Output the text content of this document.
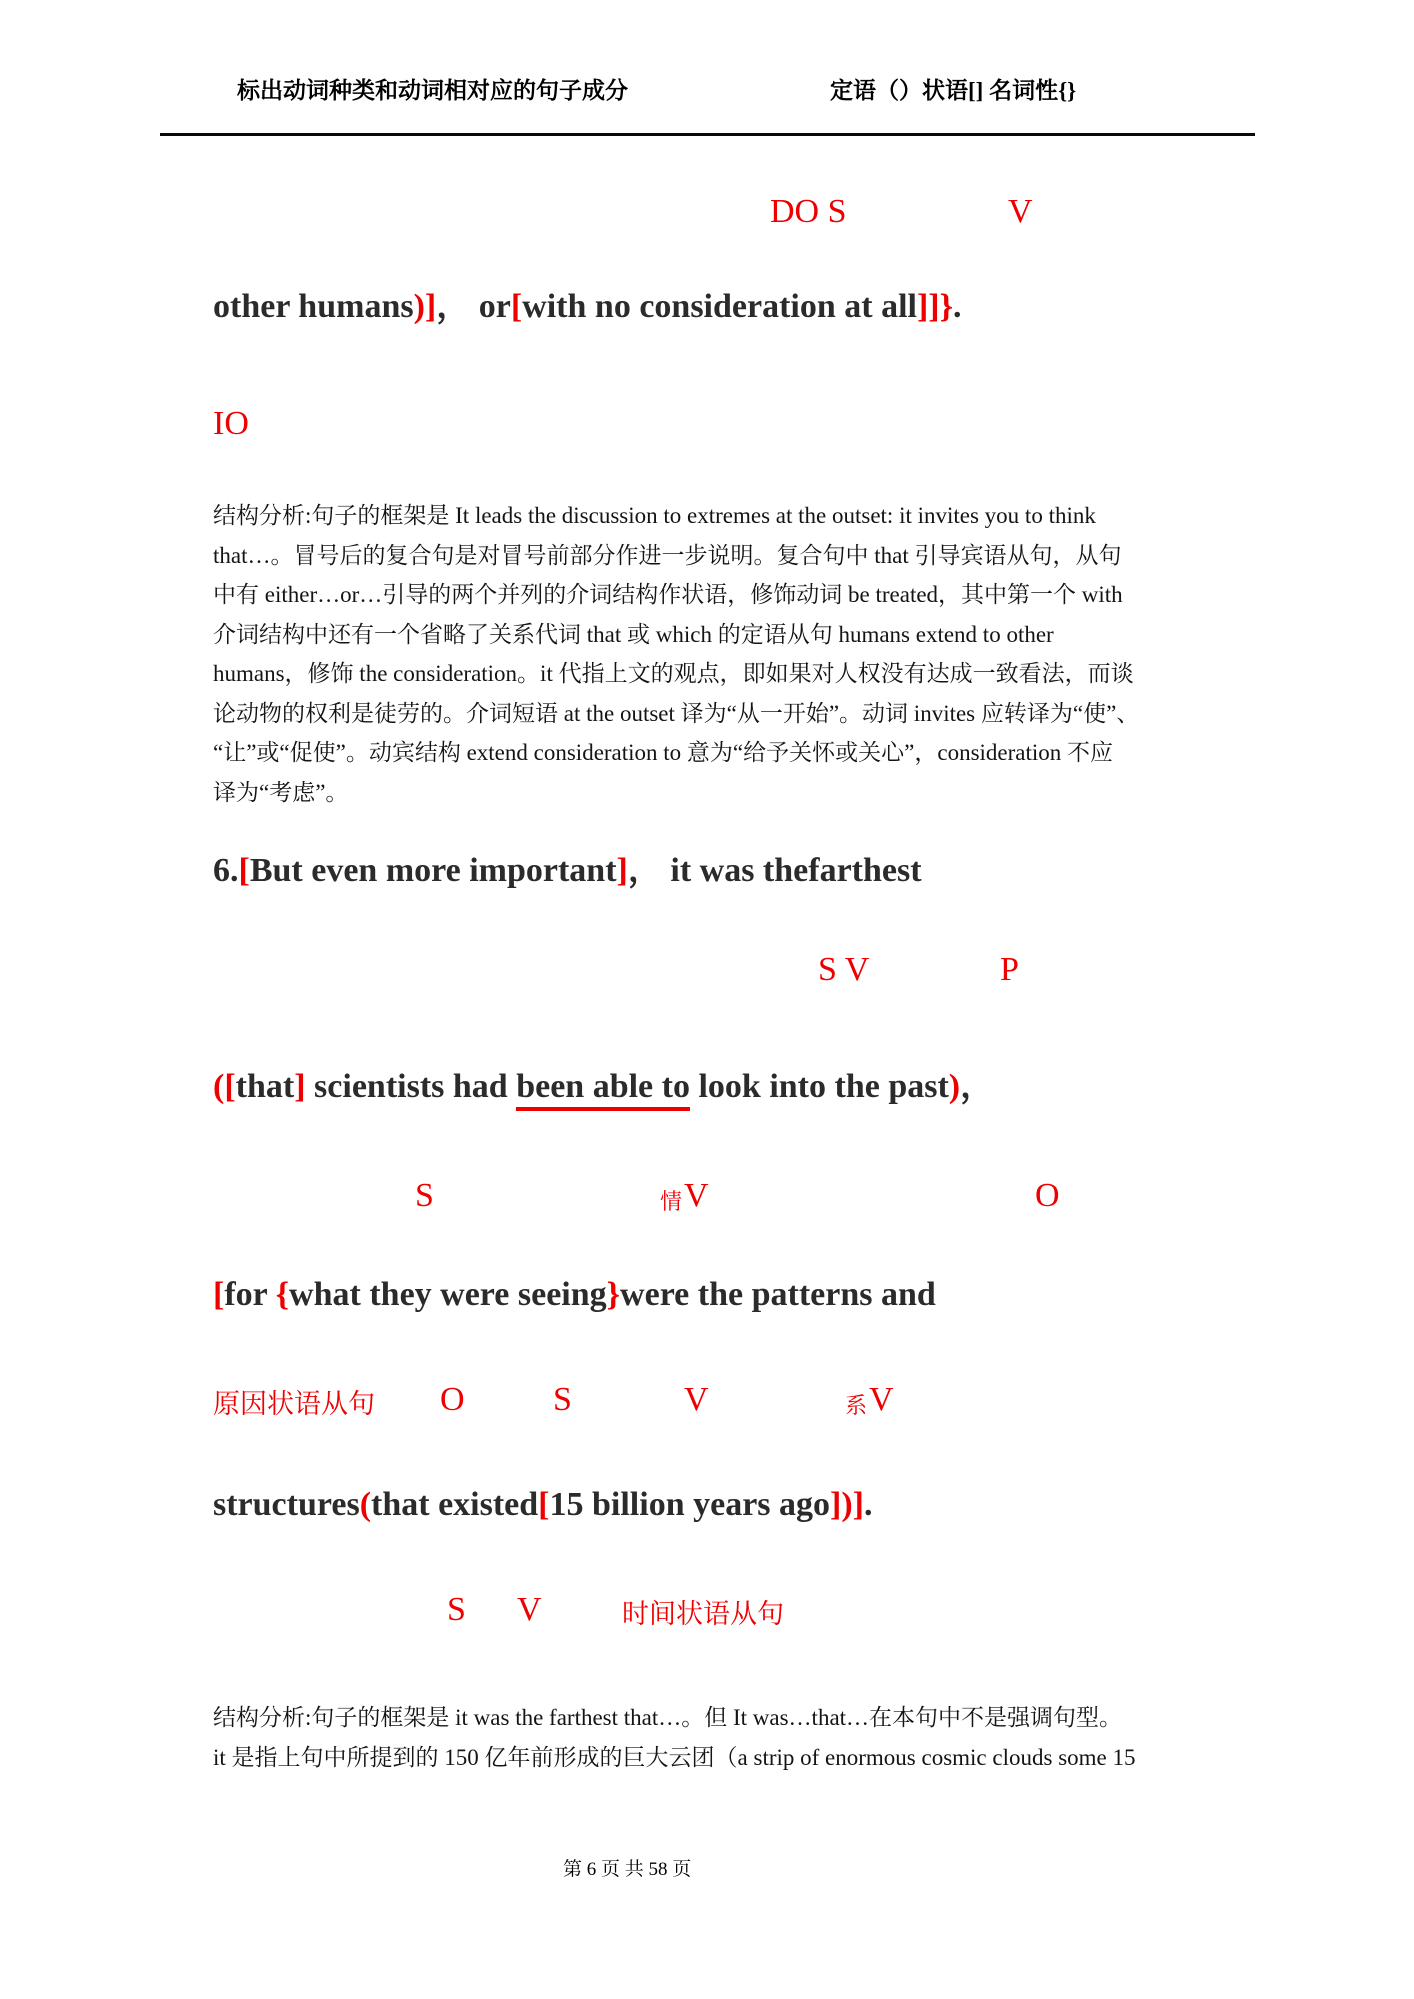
标出动词种类和动词相对应的句子成分	定语（）状语[] 名词性{}
DO S	V
other humans)]， or[with no consideration at all]]}.
IO
结构分析:句子的框架是 It leads the discussion to extremes at the outset: it invites you to think
that…。冒号后的复合句是对冒号前部分作进一步说明。复合句中 that 引导宾语从句，从句
中有 either…or…引导的两个并列的介词结构作状语，修饰动词 be treated，其中第一个 with
介词结构中还有一个省略了关系代词 that 或 which 的定语从句 humans extend to other
humans，修饰 the consideration。it 代指上文的观点，即如果对人权没有达成一致看法，而谈
论动物的权利是徒劳的。介词短语 at the outset 译为“从一开始”。动词 invites 应转译为“使”、
“让”或“促使”。动宾结构 extend consideration to 意为“给予关怀或关心”，consideration 不应
译为“考虑”。
6.[But even more important]， it was thefarthest
S V	P
([that] scientists had been able to look into the past)，
S	情 V	O
[for {what they were seeing}were the patterns and
原因状语从句 O	S	V	系 V
structures(that existed[15 billion years ago])].
S V	时间状语从句
结构分析:句子的框架是 it was the farthest that…。但 It was…that…在本句中不是强调句型。
it 是指上句中所提到的 150 亿年前形成的巨大云团（a strip of enormous cosmic clouds some 15
第 6 页 共 58 页
